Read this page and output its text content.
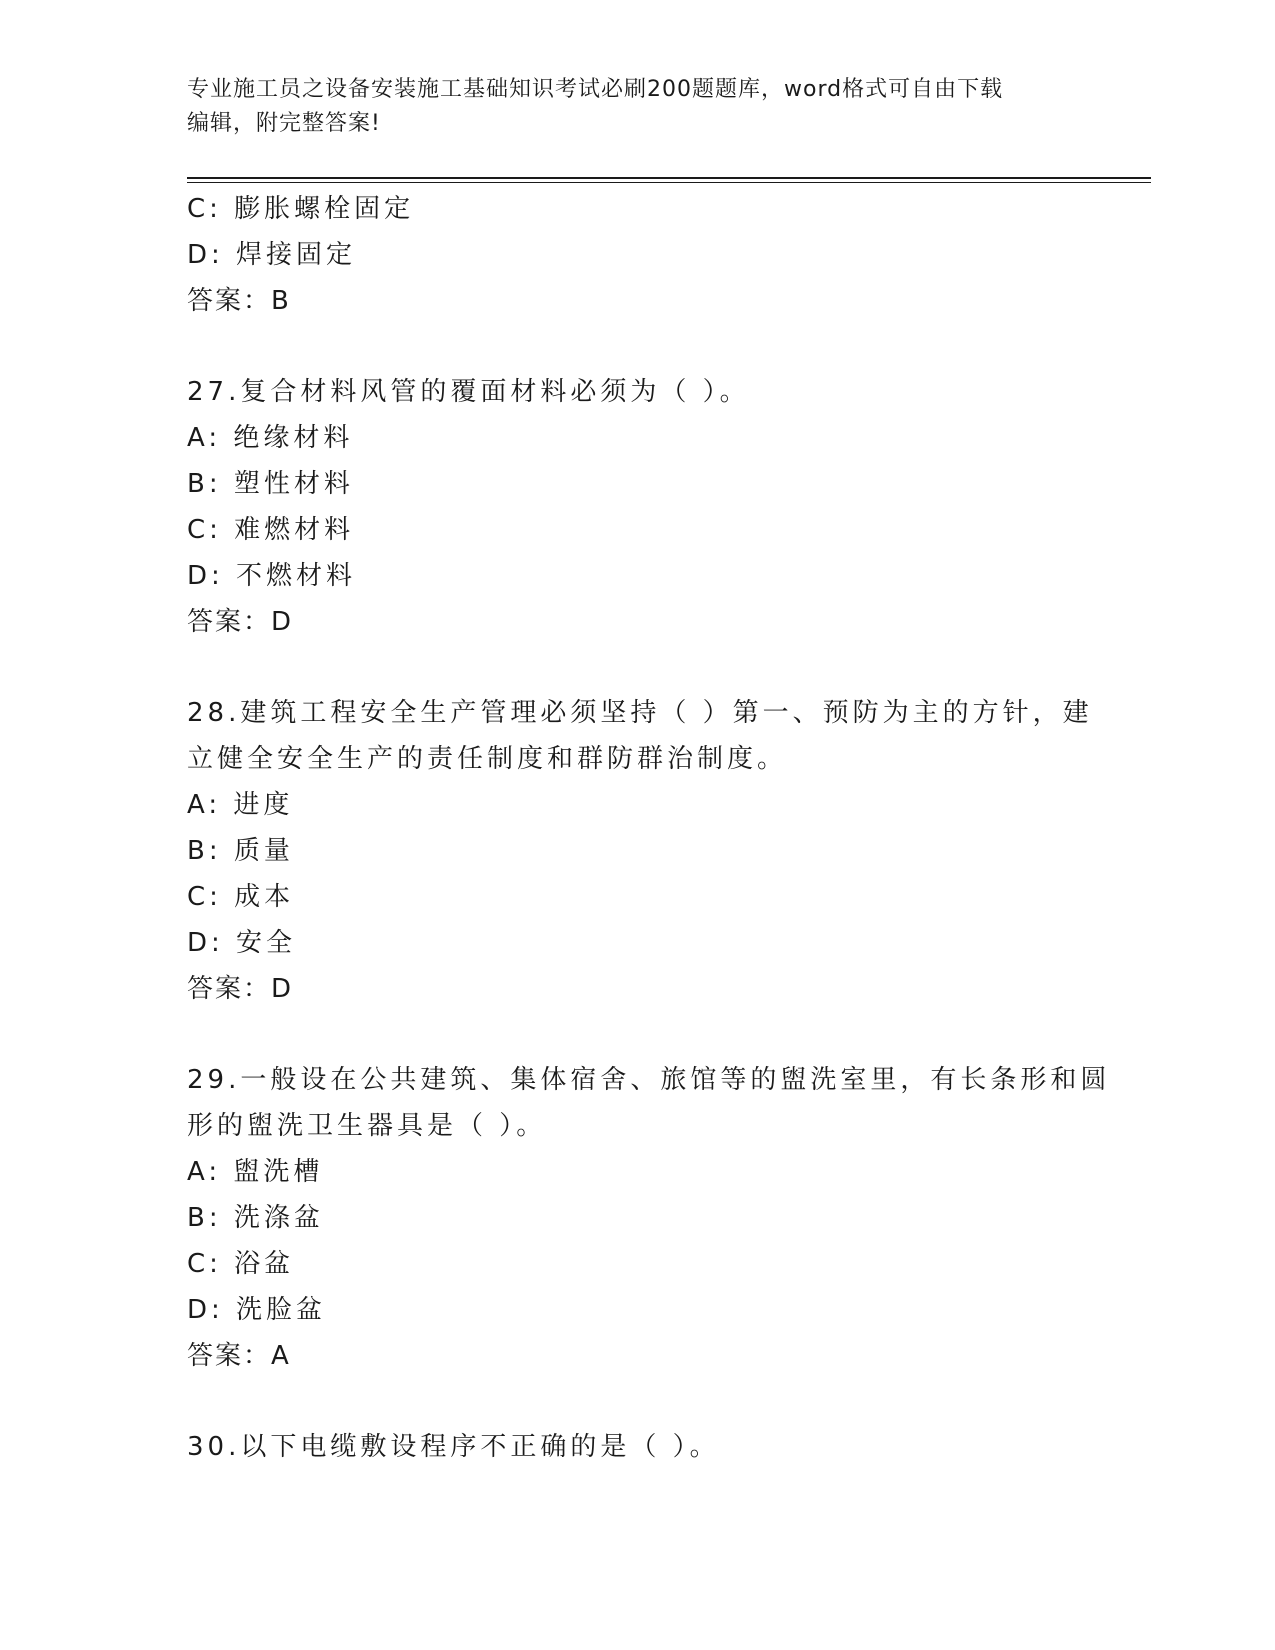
专业施工员之设备安装施工基础知识考试必刷200题题库，word格式可自由下载
编辑，附完整答案!
C: 膨胀螺栓固定
D: 焊接固定
答案：B
27.复合材料风管的覆面材料必须为（ ）。
A: 绝缘材料
B: 塑性材料
C: 难燃材料
D: 不燃材料
答案：D
28.建筑工程安全生产管理必须坚持（ ）第一、预防为主的方针，建
立健全安全生产的责任制度和群防群治制度。
A: 进度
B: 质量
C: 成本
D: 安全
答案：D
29.一般设在公共建筑、集体宿舍、旅馆等的盥洗室里，有长条形和圆
形的盥洗卫生器具是（ ）。
A: 盥洗槽
B: 洗涤盆
C: 浴盆
D: 洗脸盆
答案：A
30.以下电缆敷设程序不正确的是（ ）。
